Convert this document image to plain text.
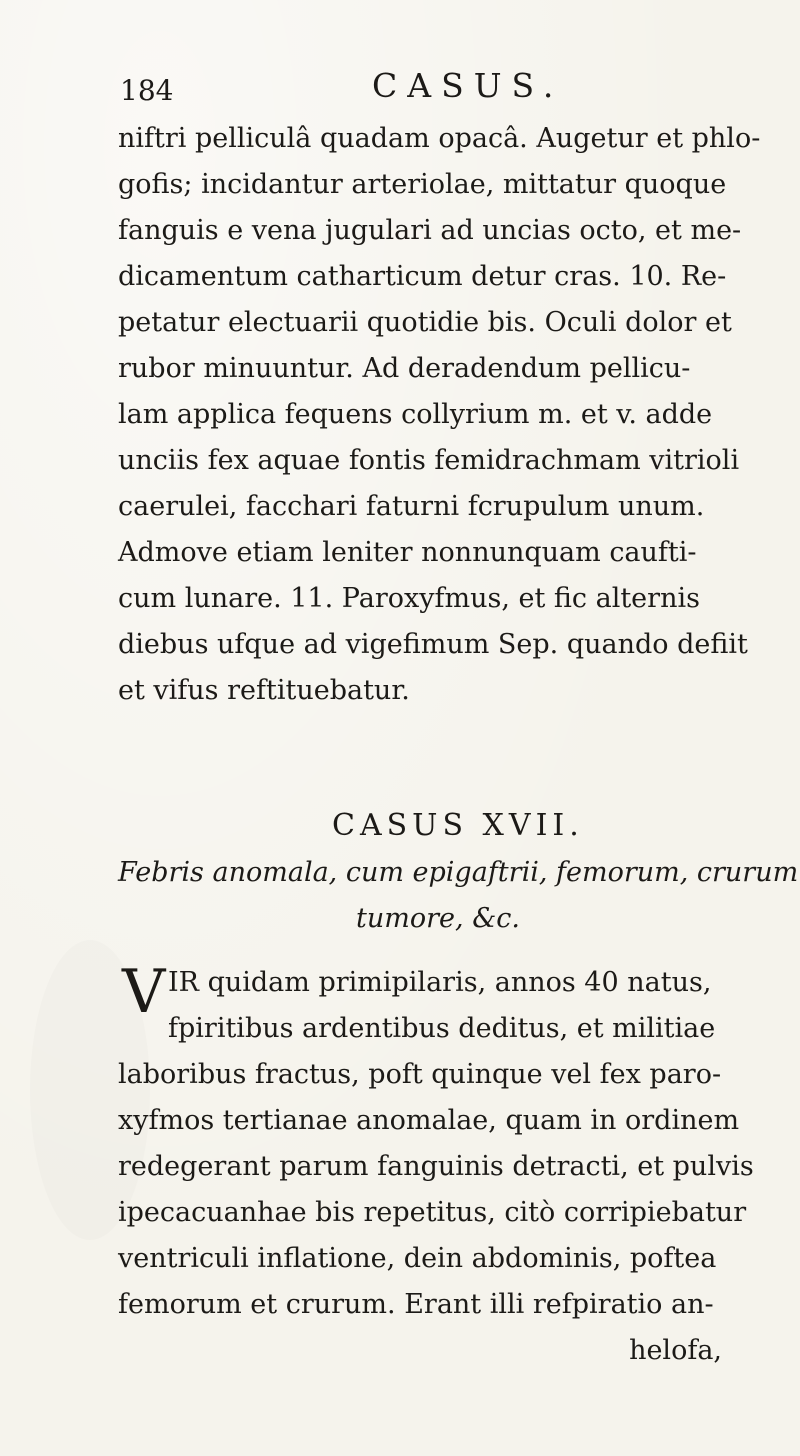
184	CASUS.
niftri pelliculâ quadam opacâ. Augetur et phlo-
gofis; incidantur arteriolae, mittatur quoque
fanguis e vena jugulari ad uncias octo, et me-
dicamentum catharticum detur cras. 10. Re-
petatur electuarii quotidie bis. Oculi dolor et
rubor minuuntur. Ad deradendum pellicu-
lam applica fequens collyrium m. et v. adde
unciis fex aquae fontis femidrachmam vitrioli
caerulei, facchari faturni fcrupulum unum.
Admove etiam leniter nonnunquam caufti-
cum lunare. 11. Paroxyfmus, et fic alternis
diebus ufque ad vigefimum Sep. quando defiit
et vifus reftituebatur.
CASUS XVII.
Febris anomala, cum epigaftrii, femorum, crurum
tumore, &c.
V IR quidam primipilaris, annos 40 natus,
fpiritibus ardentibus deditus, et militiae
laboribus fractus, poft quinque vel fex paro-
xyfmos tertianae anomalae, quam in ordinem
redegerant parum fanguinis detracti, et pulvis
ipecacuanhae bis repetitus, citò corripiebatur
ventriculi inflatione, dein abdominis, poftea
femorum et crurum. Erant illi refpiratio an-
helofa,
